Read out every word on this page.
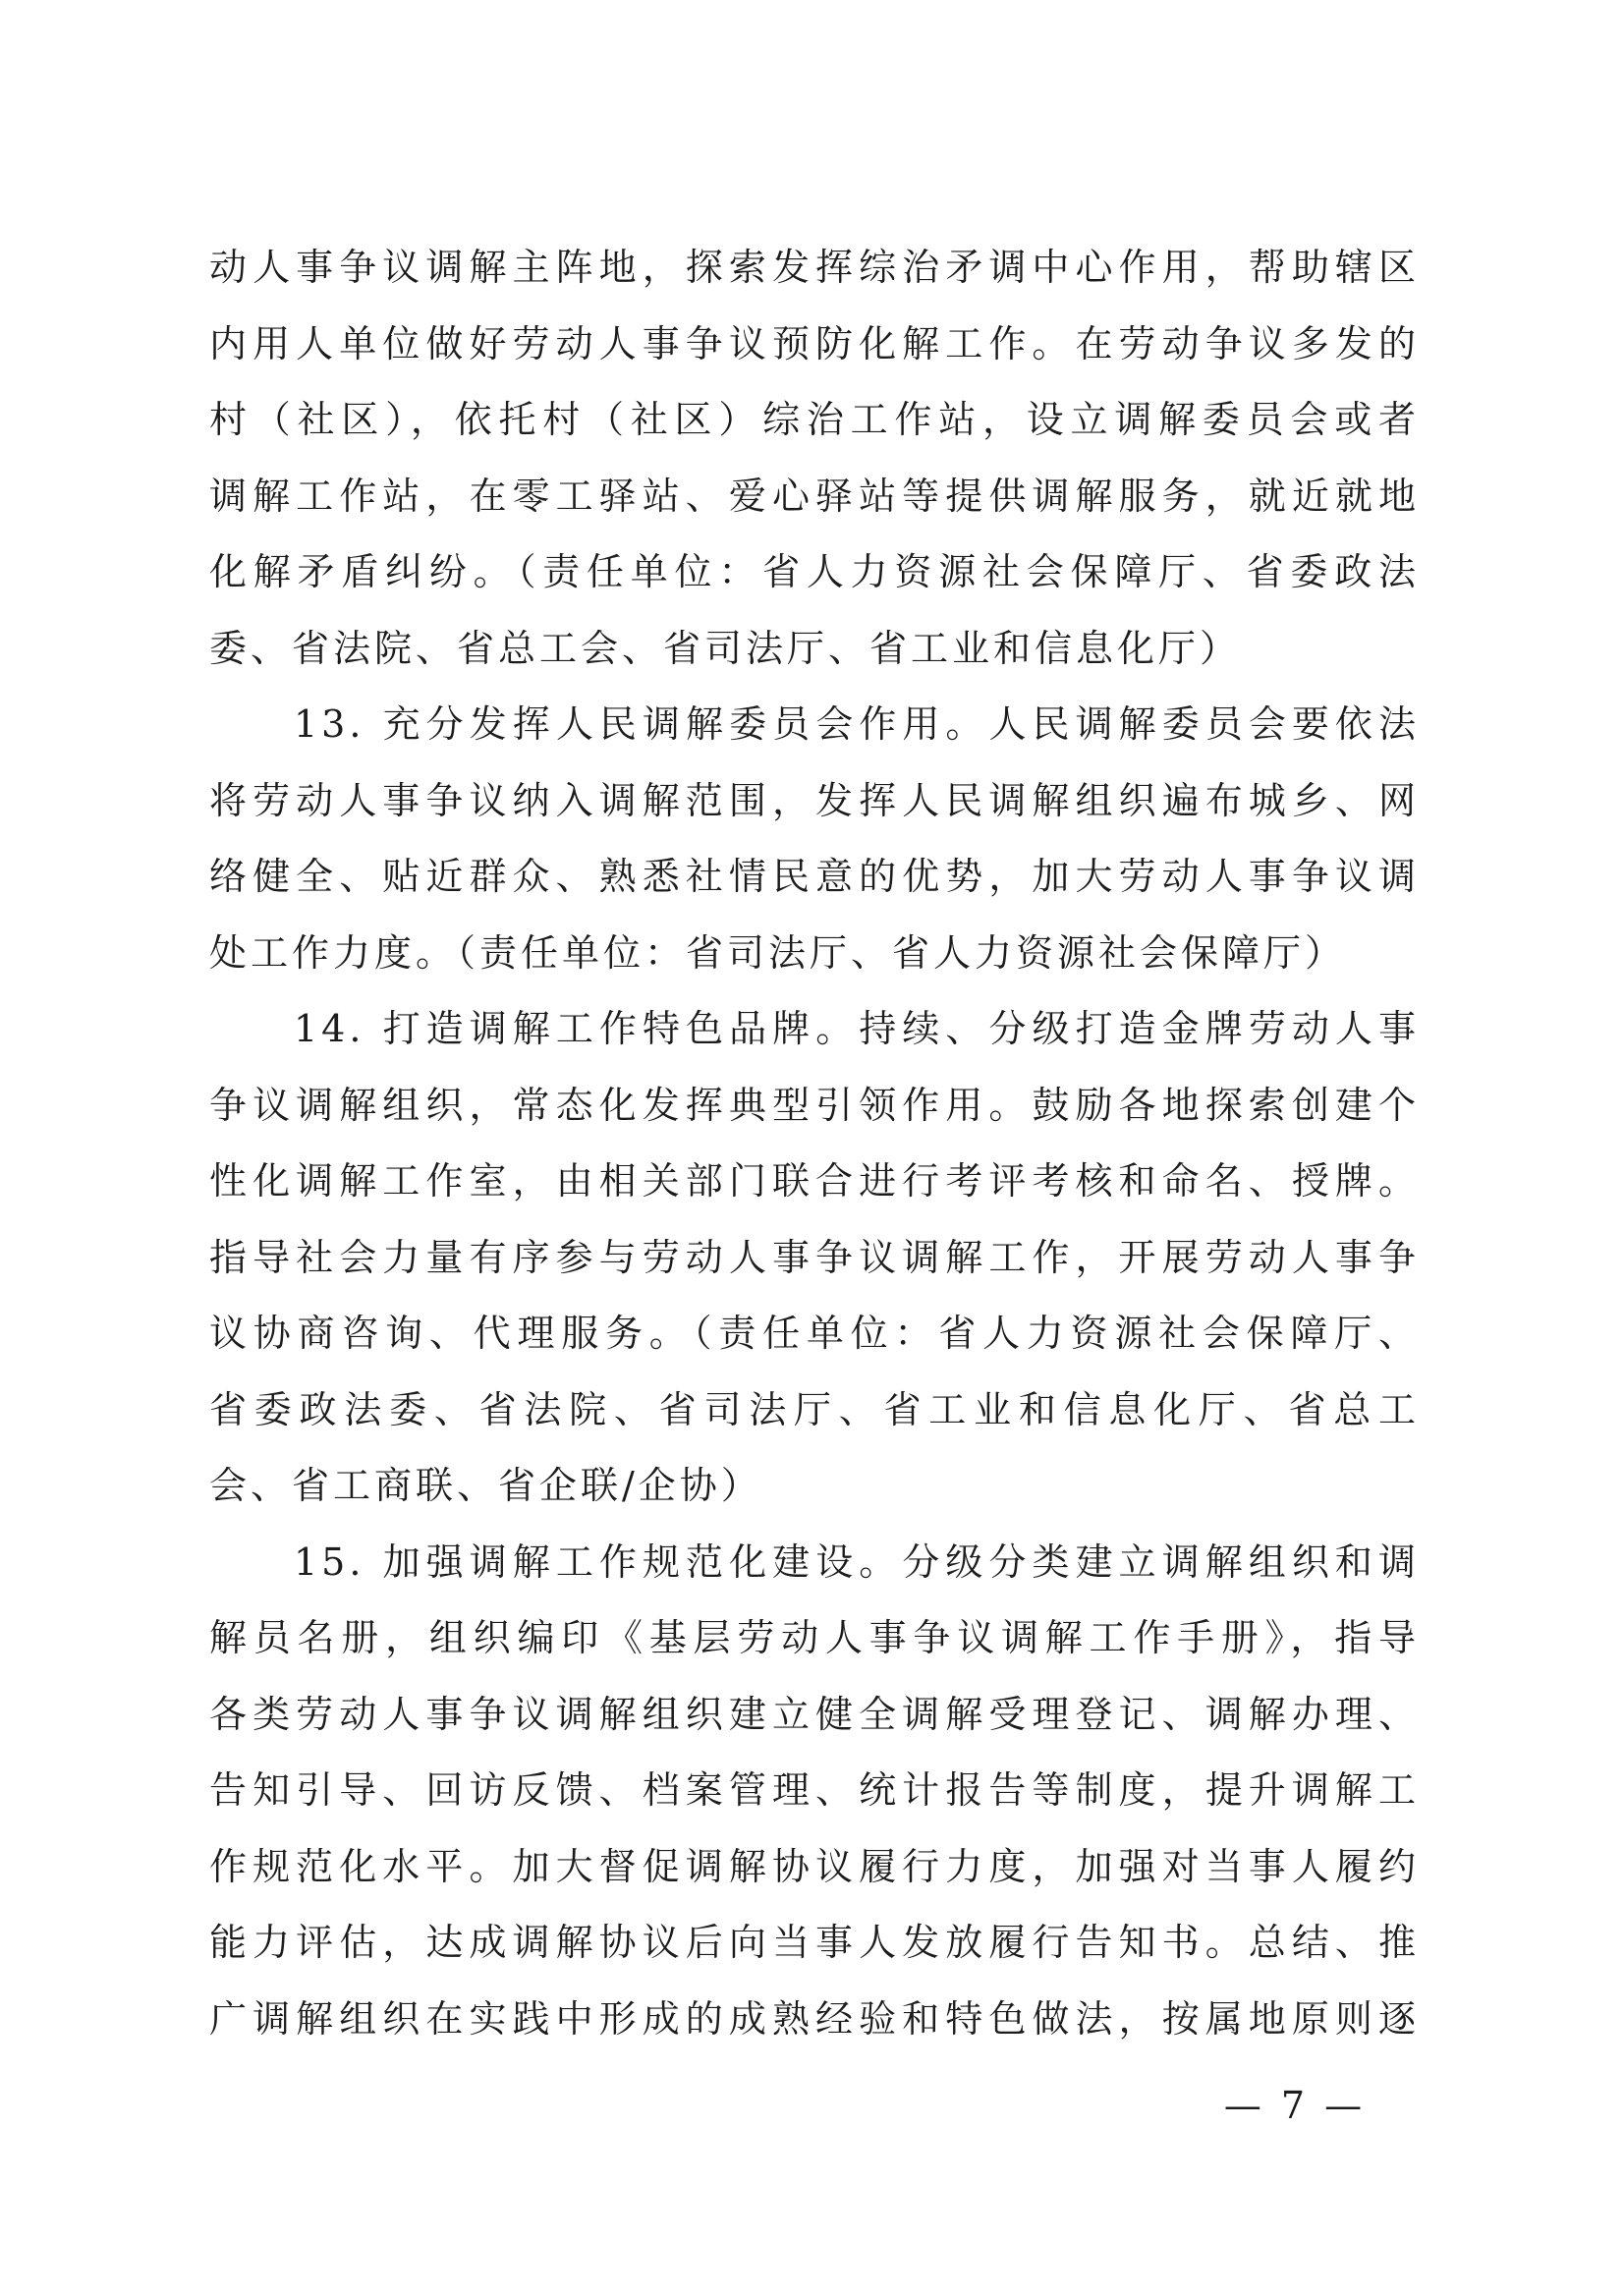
动人事争议调解主阵地，探索发挥综治矛调中心作用，帮助辖区
内用人单位做好劳动人事争议预防化解工作。在劳动争议多发的
村（社区），依托村（社区）综治工作站，设立调解委员会或者
调解工作站，在零工驿站、爱心驿站等提供调解服务，就近就地
化解矛盾纠纷。（责任单位：省人力资源社会保障厅、省委政法
委、省法院、省总工会、省司法厅、省工业和信息化厅）
13. 充分发挥人民调解委员会作用。人民调解委员会要依法
将劳动人事争议纳入调解范围，发挥人民调解组织遍布城乡、网
络健全、贴近群众、熟悉社情民意的优势，加大劳动人事争议调
处工作力度。（责任单位：省司法厅、省人力资源社会保障厅）
14. 打造调解工作特色品牌。持续、分级打造金牌劳动人事
争议调解组织，常态化发挥典型引领作用。鼓励各地探索创建个
性化调解工作室，由相关部门联合进行考评考核和命名、授牌。
指导社会力量有序参与劳动人事争议调解工作，开展劳动人事争
议协商咨询、代理服务。（责任单位：省人力资源社会保障厅、
省委政法委、省法院、省司法厅、省工业和信息化厅、省总工
会、省工商联、省企联/企协）
15. 加强调解工作规范化建设。分级分类建立调解组织和调
解员名册，组织编印《基层劳动人事争议调解工作手册》，指导
各类劳动人事争议调解组织建立健全调解受理登记、调解办理、
告知引导、回访反馈、档案管理、统计报告等制度，提升调解工
作规范化水平。加大督促调解协议履行力度，加强对当事人履约
能力评估，达成调解协议后向当事人发放履行告知书。总结、推
广调解组织在实践中形成的成熟经验和特色做法，按属地原则逐
— 7 —
